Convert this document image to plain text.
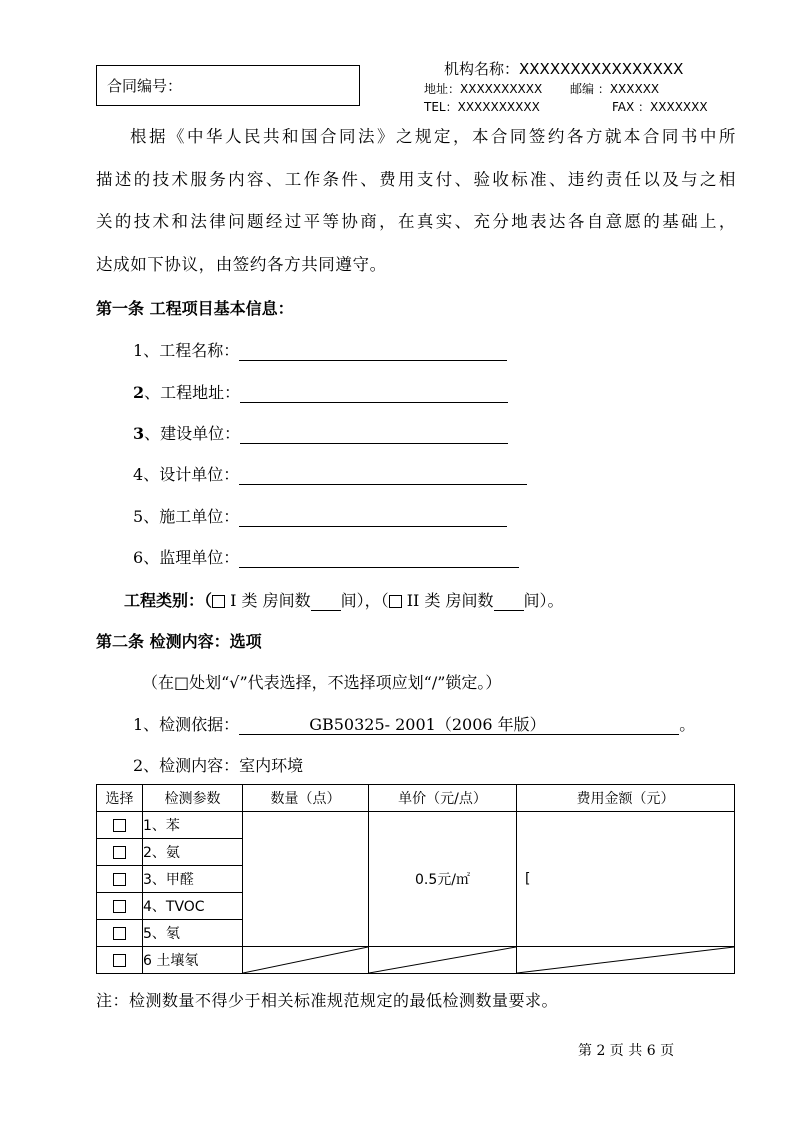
合同编号：
机构名称：XXXXXXXXXXXXXXXX
地址：XXXXXXXXXX 邮编 ：XXXXXX
TEL：XXXXXXXXXX	FAX ：XXXXXXX
根据《中华人民共和国合同法》之规定，本合同签约各方就本合同书中所
描述的技术服务内容、工作条件、费用支付、验收标准、违约责任以及与之相
关的技术和法律问题经过平等协商，在真实、充分地表达各自意愿的基础上，
达成如下协议，由签约各方共同遵守。
第一条 工程项目基本信息：
1、工程名称：
2、工程地址：
3、建设单位：
4、设计单位：
5、施工单位：
6、监理单位：
工程类别：（ I 类 房间数 间），（ II 类 房间数 间）。
第二条 检测内容：选项
（在□处划“√”代表选择，不选择项应划“/”锁定。）
1、检测依据：	GB50325- 2001（2006 年版）	。
2、检测内容：室内环境
选择	检测参数	数量（点）	单价（元/点）	费用金额（元）
	1、苯		0.5元/㎡	[
	2、氨			
	3、甲醛			
	4、TVOC			
	5、氡			
	6 土壤氡	

注：检测数量不得少于相关标准规范规定的最低检测数量要求。
第 2 页 共 6 页
